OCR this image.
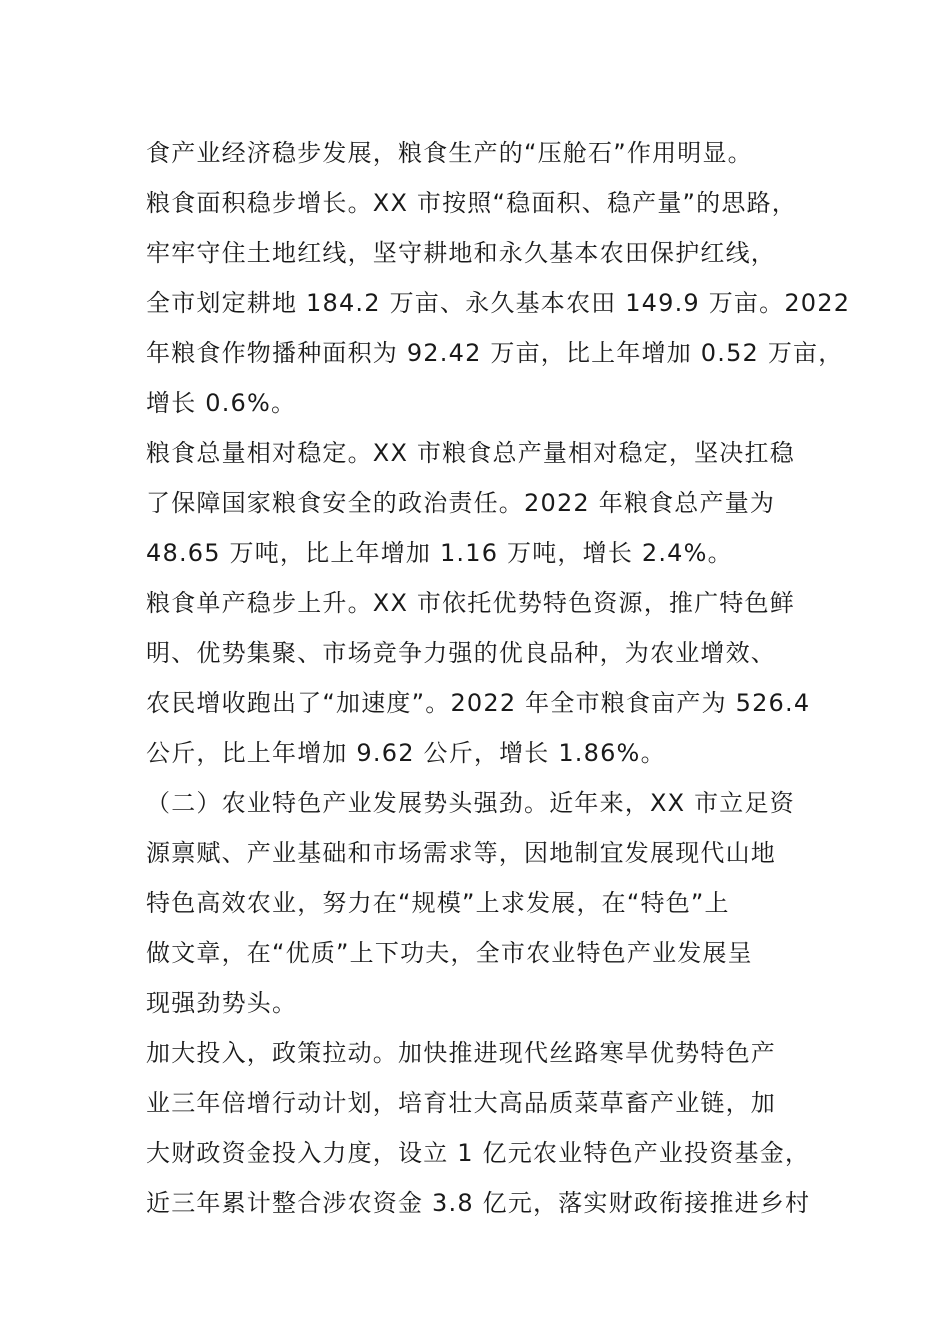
食产业经济稳步发展，粮食生产的“压舱石”作用明显。
粮食面积稳步增长。XX 市按照“稳面积、稳产量”的思路，
牢牢守住土地红线，坚守耕地和永久基本农田保护红线，
全市划定耕地 184.2 万亩、永久基本农田 149.9 万亩。2022
年粮食作物播种面积为 92.42 万亩，比上年增加 0.52 万亩，
增长 0.6%。
粮食总量相对稳定。XX 市粮食总产量相对稳定，坚决扛稳
了保障国家粮食安全的政治责任。2022 年粮食总产量为
48.65 万吨，比上年增加 1.16 万吨，增长 2.4%。
粮食单产稳步上升。XX 市依托优势特色资源，推广特色鲜
明、优势集聚、市场竞争力强的优良品种，为农业增效、
农民增收跑出了“加速度”。2022 年全市粮食亩产为 526.4
公斤，比上年增加 9.62 公斤，增长 1.86%。
（二）农业特色产业发展势头强劲。近年来，XX 市立足资
源禀赋、产业基础和市场需求等，因地制宜发展现代山地
特色高效农业，努力在“规模”上求发展，在“特色”上
做文章，在“优质”上下功夫，全市农业特色产业发展呈
现强劲势头。
加大投入，政策拉动。加快推进现代丝路寒旱优势特色产
业三年倍增行动计划，培育壮大高品质菜草畜产业链，加
大财政资金投入力度，设立 1 亿元农业特色产业投资基金，
近三年累计整合涉农资金 3.8 亿元，落实财政衔接推进乡村
